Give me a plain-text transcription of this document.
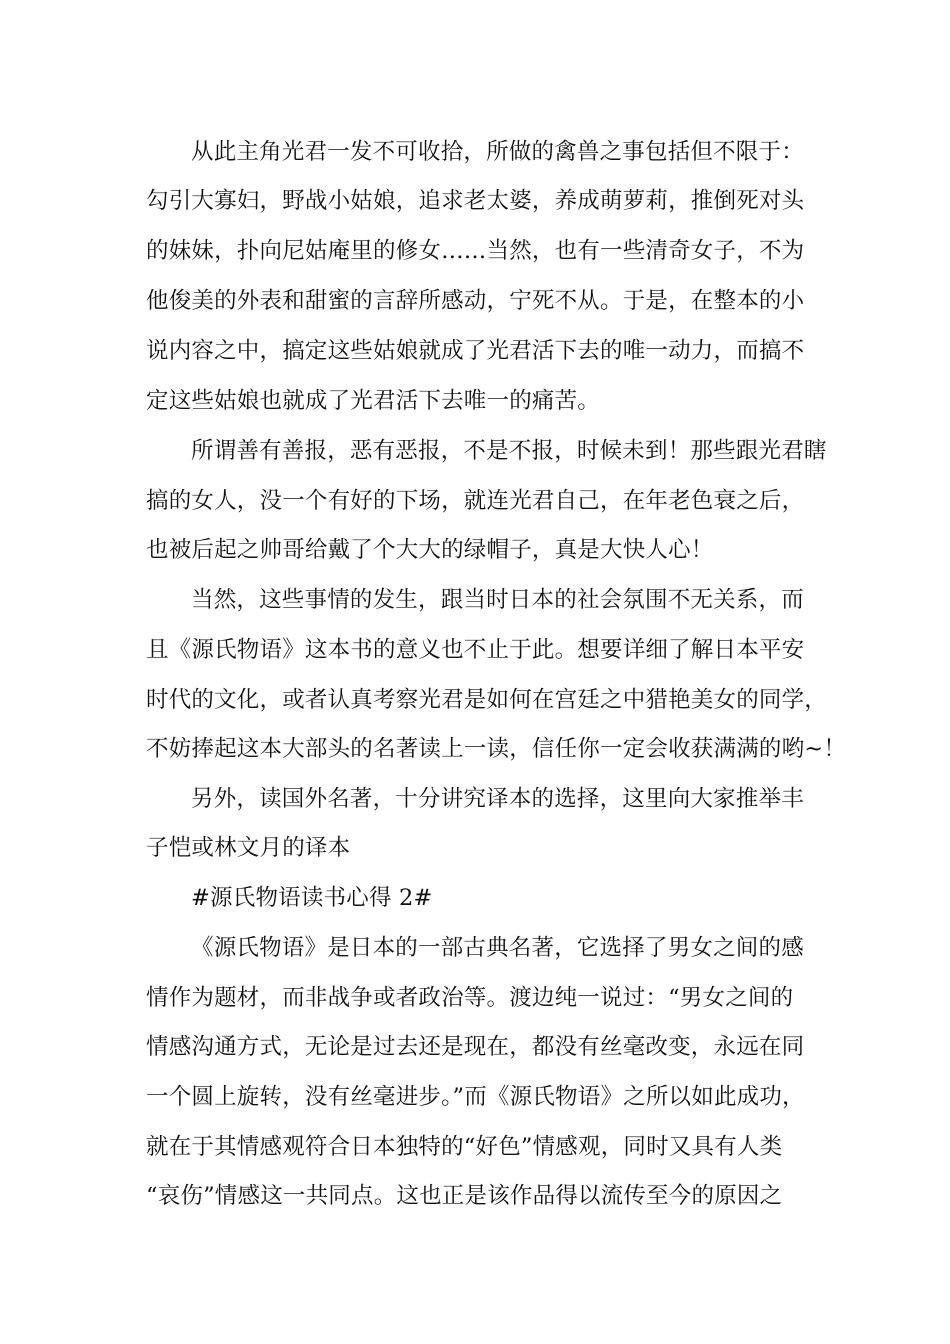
从此主角光君一发不可收拾，所做的禽兽之事包括但不限于：
勾引大寡妇，野战小姑娘，追求老太婆，养成萌萝莉，推倒死对头
的妹妹，扑向尼姑庵里的修女……当然，也有一些清奇女子，不为
他俊美的外表和甜蜜的言辞所感动，宁死不从。于是，在整本的小
说内容之中，搞定这些姑娘就成了光君活下去的唯一动力，而搞不
定这些姑娘也就成了光君活下去唯一的痛苦。
所谓善有善报，恶有恶报，不是不报，时候未到！那些跟光君瞎
搞的女人，没一个有好的下场，就连光君自己，在年老色衰之后，
也被后起之帅哥给戴了个大大的绿帽子，真是大快人心！
当然，这些事情的发生，跟当时日本的社会氛围不无关系，而
且《源氏物语》这本书的意义也不止于此。想要详细了解日本平安
时代的文化，或者认真考察光君是如何在宫廷之中猎艳美女的同学，
不妨捧起这本大部头的名著读上一读，信任你一定会收获满满的哟~！
另外，读国外名著，十分讲究译本的选择，这里向大家推举丰
子恺或林文月的译本
#源氏物语读书心得 2#
《源氏物语》是日本的一部古典名著，它选择了男女之间的感
情作为题材，而非战争或者政治等。渡边纯一说过：“男女之间的
情感沟通方式，无论是过去还是现在，都没有丝毫改变，永远在同
一个圆上旋转，没有丝毫进步。”而《源氏物语》之所以如此成功，
就在于其情感观符合日本独特的“好色”情感观，同时又具有人类
“哀伤”情感这一共同点。这也正是该作品得以流传至今的原因之
